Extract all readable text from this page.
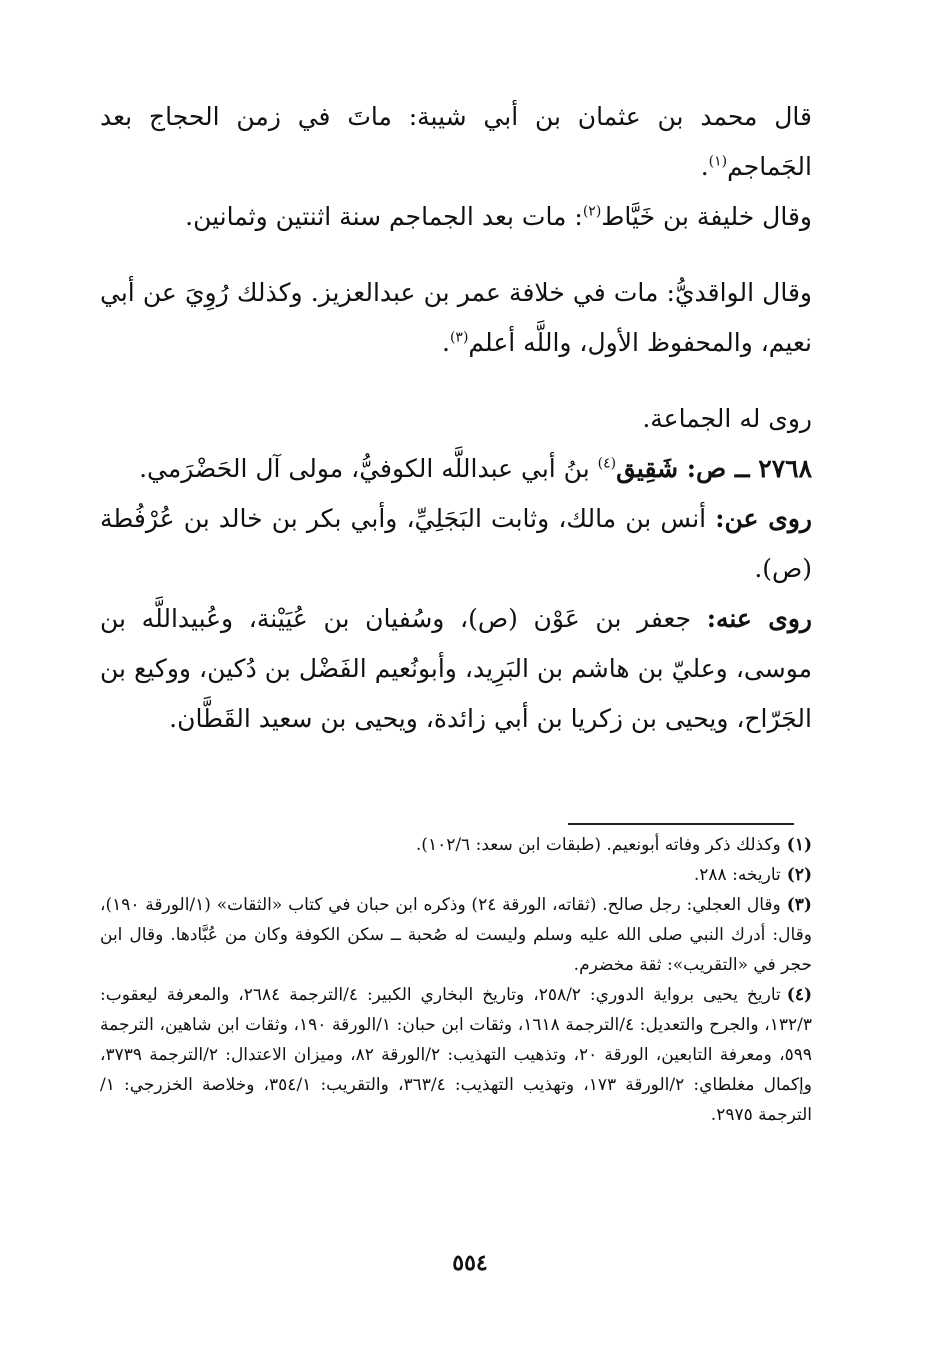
قال محمد بن عثمان بن أبي شيبة: ماتَ في زمن الحجاج بعد الجَماجم$^{(١)}$.

وقال خليفة بن خَيَّاط$^{(٢)}$: مات بعد الجماجم سنة اثنتين وثمانين.

وقال الواقديُّ: مات في خلافة عمر بن عبدالعزيز. وكذلك رُوِيَ عن أبي نعيم، والمحفوظ الأول، واللَّه أعلم$^{(٣)}$.

روى له الجماعة.

٢٧٦٨ ــ ص: شَقِيق$^{(٤)}$ بنُ أبي عبداللَّه الكوفيُّ، مولى آل الحَضْرَمي.

روى عن: أنس بن مالك، وثابت البَجَلِيِّ، وأبي بكر بن خالد بن عُرْفُطة (ص).

روى عنه: جعفر بن عَوْن (ص)، وسُفيان بن عُيَيْنة، وعُبيداللَّه بن موسى، وعليّ بن هاشم بن البَرِيد، وأبونُعيم الفَضْل بن دُكين، ووكيع بن الجَرّاح، ويحيى بن زكريا بن أبي زائدة، ويحيى بن سعيد القَطَّان.

(١)وكذلك ذكر وفاته أبونعيم. (طبقات ابن سعد: ١٠٢/٦).

(٢)تاريخه: ٢٨٨.

(٣)وقال العجلي: رجل صالح. (ثقاته، الورقة ٢٤) وذكره ابن حبان في كتاب «الثقات» (١/الورقة ١٩٠)، وقال: أدرك النبي صلى الله عليه وسلم وليست له صُحبة ــ سكن الكوفة وكان من عُبَّادها. وقال ابن حجر في «التقريب»: ثقة مخضرم.

(٤)تاريخ يحيى برواية الدوري: ٢٥٨/٢، وتاريخ البخاري الكبير: ٤/الترجمة ٢٦٨٤، والمعرفة ليعقوب: ١٣٢/٣، والجرح والتعديل: ٤/الترجمة ١٦١٨، وثقات ابن حبان: ١/الورقة ١٩٠، وثقات ابن شاهين، الترجمة ٥٩٩، ومعرفة التابعين، الورقة ٢٠، وتذهيب التهذيب: ٢/الورقة ٨٢، وميزان الاعتدال: ٢/الترجمة ٣٧٣٩، وإكمال مغلطاي: ٢/الورقة ١٧٣، وتهذيب التهذيب: ٣٦٣/٤، والتقريب: ٣٥٤/١، وخلاصة الخزرجي: ١/الترجمة ٢٩٧٥.

٥٥٤
